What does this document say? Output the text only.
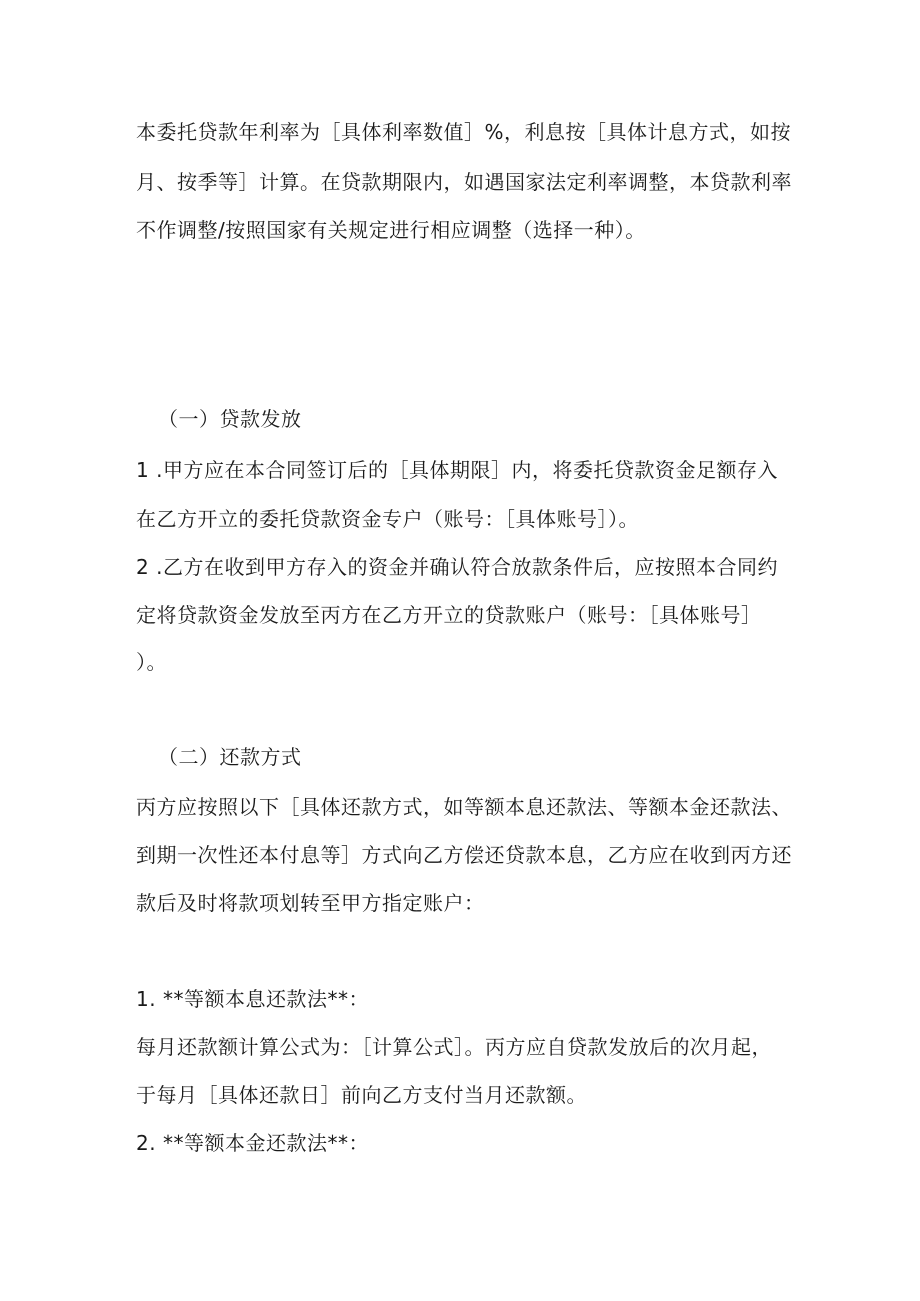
本委托贷款年利率为［具体利率数值］%，利息按［具体计息方式，如按
月、按季等］计算。在贷款期限内，如遇国家法定利率调整，本贷款利率
不作调整/按照国家有关规定进行相应调整（选择一种）。
（一）贷款发放
1 .甲方应在本合同签订后的［具体期限］内，将委托贷款资金足额存入
在乙方开立的委托贷款资金专户（账号：［具体账号］）。
2 .乙方在收到甲方存入的资金并确认符合放款条件后，应按照本合同约
定将贷款资金发放至丙方在乙方开立的贷款账户（账号：［具体账号］
）。
（二）还款方式
丙方应按照以下［具体还款方式，如等额本息还款法、等额本金还款法、
到期一次性还本付息等］方式向乙方偿还贷款本息，乙方应在收到丙方还
款后及时将款项划转至甲方指定账户：
1. **等额本息还款法**：
每月还款额计算公式为：［计算公式］。丙方应自贷款发放后的次月起，
于每月［具体还款日］前向乙方支付当月还款额。
2. **等额本金还款法**：
